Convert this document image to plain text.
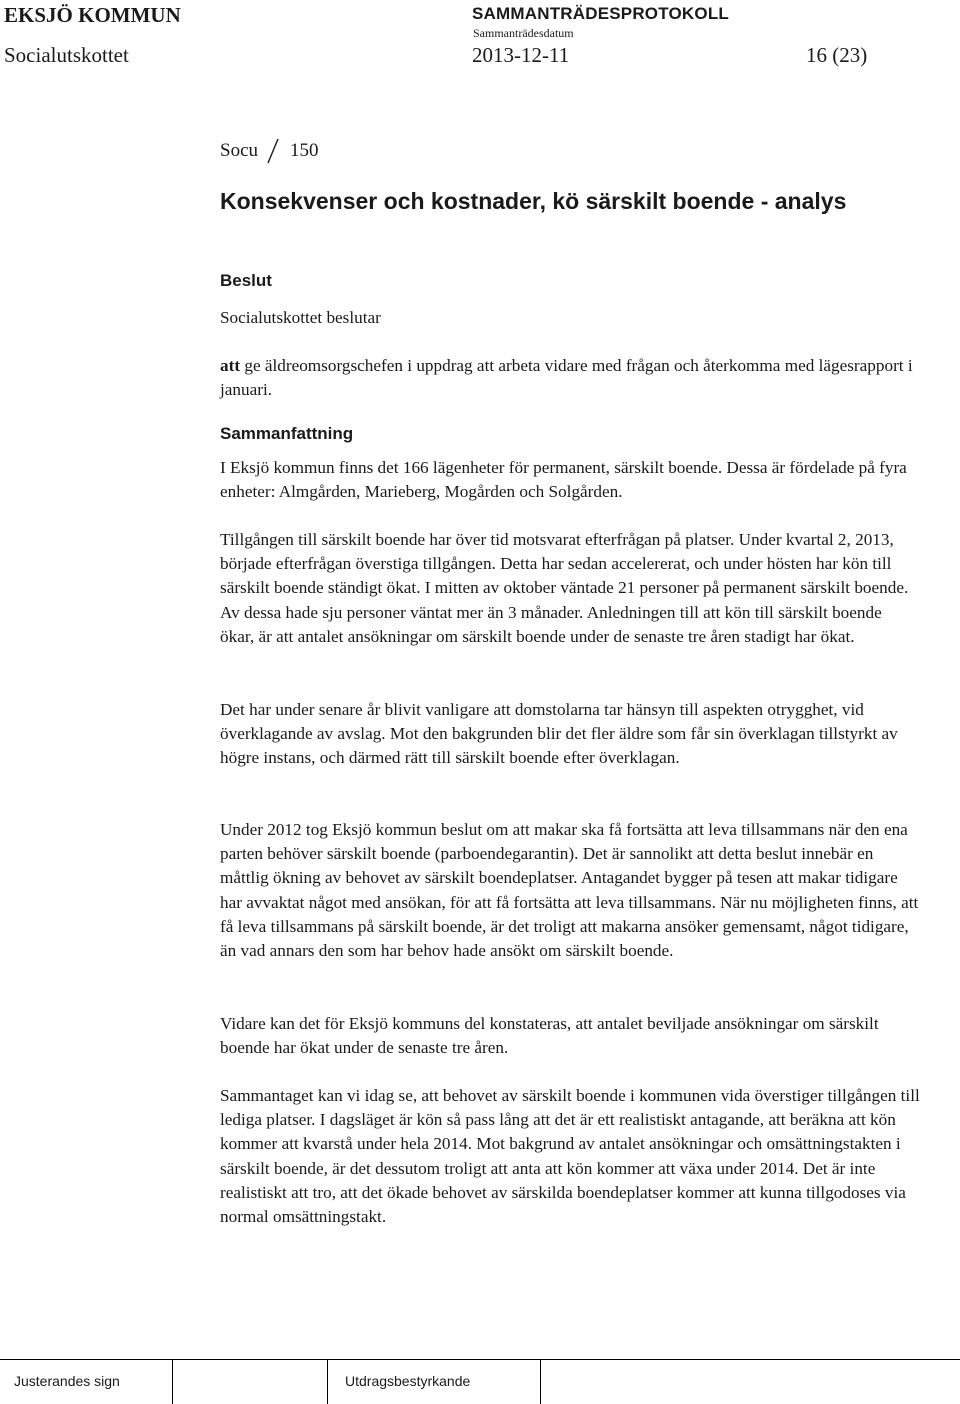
EKSJÖ KOMMUN	SAMMANTRÄDESPROTOKOLL
Sammanträdesdatum
Socialutskottet	2013-12-11	16 (23)
Socu 150
Konsekvenser och kostnader, kö särskilt boende - analys
Beslut
Socialutskottet beslutar
att ge äldreomsorgschefen i uppdrag att arbeta vidare med frågan och återkomma med lägesrapport i januari.
Sammanfattning
I Eksjö kommun finns det 166 lägenheter för permanent, särskilt boende. Dessa är fördelade på fyra enheter: Almgården, Marieberg, Mogården och Solgården.
Tillgången till särskilt boende har över tid motsvarat efterfrågan på platser. Under kvartal 2, 2013, började efterfrågan överstiga tillgången. Detta har sedan accelererat, och under hösten har kön till särskilt boende ständigt ökat. I mitten av oktober väntade 21 personer på permanent särskilt boende. Av dessa hade sju personer väntat mer än 3 månader. Anledningen till att kön till särskilt boende ökar, är att antalet ansökningar om särskilt boende under de senaste tre åren stadigt har ökat.
Det har under senare år blivit vanligare att domstolarna tar hänsyn till aspekten otrygghet, vid överklagande av avslag. Mot den bakgrunden blir det fler äldre som får sin överklagan tillstyrkt av högre instans, och därmed rätt till särskilt boende efter överklagan.
Under 2012 tog Eksjö kommun beslut om att makar ska få fortsätta att leva tillsammans när den ena parten behöver särskilt boende (parboendegarantin). Det är sannolikt att detta beslut innebär en måttlig ökning av behovet av särskilt boendeplatser. Antagandet bygger på tesen att makar tidigare har avvaktat något med ansökan, för att få fortsätta att leva tillsammans. När nu möjligheten finns, att få leva tillsammans på särskilt boende, är det troligt att makarna ansöker gemensamt, något tidigare, än vad annars den som har behov hade ansökt om särskilt boende.
Vidare kan det för Eksjö kommuns del konstateras, att antalet beviljade ansökningar om särskilt boende har ökat under de senaste tre åren.
Sammantaget kan vi idag se, att behovet av särskilt boende i kommunen vida överstiger tillgången till lediga platser. I dagsläget är kön så pass lång att det är ett realistiskt antagande, att beräkna att kön kommer att kvarstå under hela 2014. Mot bakgrund av antalet ansökningar och omsättningstakten i särskilt boende, är det dessutom troligt att anta att kön kommer att växa under 2014. Det är inte realistiskt att tro, att det ökade behovet av särskilda boendeplatser kommer att kunna tillgodoses via normal omsättningstakt.
Justerandes sign	Utdragsbestyrkande
